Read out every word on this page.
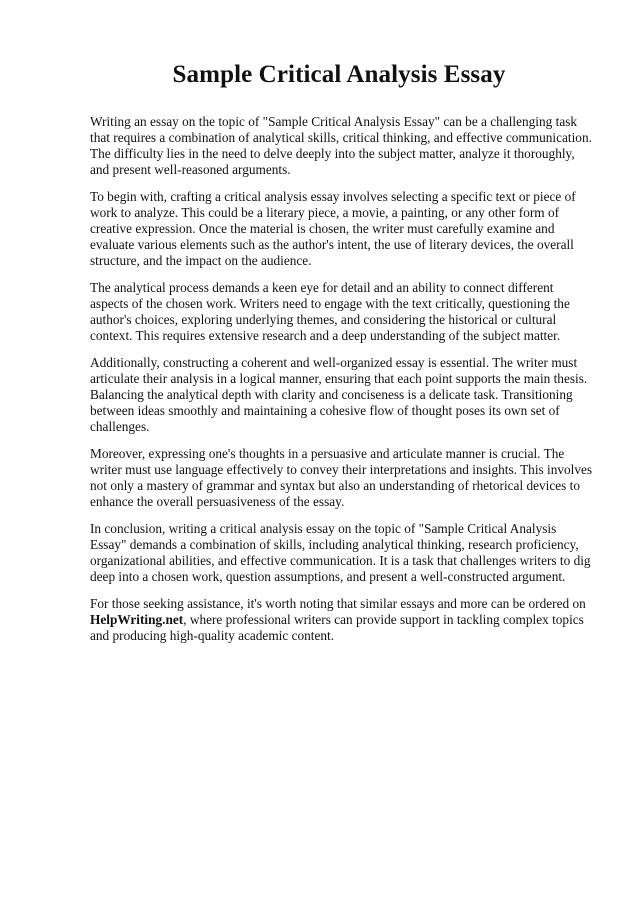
Sample Critical Analysis Essay

Writing an essay on the topic of "Sample Critical Analysis Essay" can be a challenging task that requires a combination of analytical skills, critical thinking, and effective communication. The difficulty lies in the need to delve deeply into the subject matter, analyze it thoroughly, and present well-reasoned arguments.

To begin with, crafting a critical analysis essay involves selecting a specific text or piece of work to analyze. This could be a literary piece, a movie, a painting, or any other form of creative expression. Once the material is chosen, the writer must carefully examine and evaluate various elements such as the author's intent, the use of literary devices, the overall structure, and the impact on the audience.

The analytical process demands a keen eye for detail and an ability to connect different aspects of the chosen work. Writers need to engage with the text critically, questioning the author's choices, exploring underlying themes, and considering the historical or cultural context. This requires extensive research and a deep understanding of the subject matter.

Additionally, constructing a coherent and well-organized essay is essential. The writer must articulate their analysis in a logical manner, ensuring that each point supports the main thesis. Balancing the analytical depth with clarity and conciseness is a delicate task. Transitioning between ideas smoothly and maintaining a cohesive flow of thought poses its own set of challenges.

Moreover, expressing one's thoughts in a persuasive and articulate manner is crucial. The writer must use language effectively to convey their interpretations and insights. This involves not only a mastery of grammar and syntax but also an understanding of rhetorical devices to enhance the overall persuasiveness of the essay.

In conclusion, writing a critical analysis essay on the topic of "Sample Critical Analysis Essay" demands a combination of skills, including analytical thinking, research proficiency, organizational abilities, and effective communication. It is a task that challenges writers to dig deep into a chosen work, question assumptions, and present a well-constructed argument.

For those seeking assistance, it's worth noting that similar essays and more can be ordered on HelpWriting.net, where professional writers can provide support in tackling complex topics and producing high-quality academic content.
